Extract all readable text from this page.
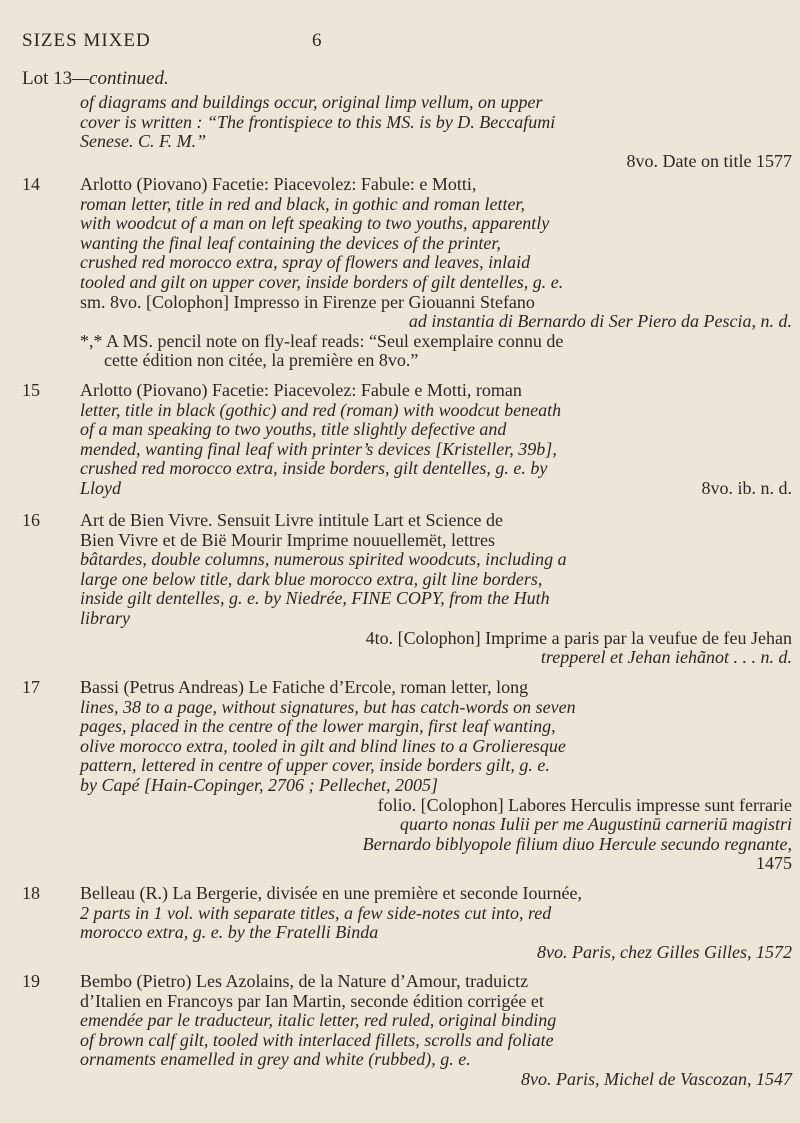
SIZES MIXED	6
Lot 13—continued.

of diagrams and buildings occur, original limp vellum, on upper

cover is written : “The frontispiece to this MS. is by D. Beccafumi

Senese. C. F. M.”

8vo. Date on title 1577

14	Arlotto (Piovano) Facetie: Piacevolez: Fabule: e Motti,

roman letter, title in red and black, in gothic and roman letter,

with woodcut of a man on left speaking to two youths, apparently

wanting the final leaf containing the devices of the printer,

crushed red morocco extra, spray of flowers and leaves, inlaid

tooled and gilt on upper cover, inside borders of gilt dentelles, g. e.

sm. 8vo. [Colophon] Impresso in Firenze per Giouanni Stefano

ad instantia di Bernardo di Ser Piero da Pescia, n. d.

*,* A MS. pencil note on fly-leaf reads: “Seul exemplaire connu de

cette édition non citée, la première en 8vo.”

15	Arlotto (Piovano) Facetie: Piacevolez: Fabule e Motti, roman

letter, title in black (gothic) and red (roman) with woodcut beneath

of a man speaking to two youths, title slightly defective and

mended, wanting final leaf with printer’s devices [Kristeller, 39b],

crushed red morocco extra, inside borders, gilt dentelles, g. e. by

Lloyd	8vo. ib. n. d.
16	Art de Bien Vivre. Sensuit Livre intitule Lart et Science de

Bien Vivre et de Bië Mourir Imprime nouuellemët, lettres

bâtardes, double columns, numerous spirited woodcuts, including a

large one below title, dark blue morocco extra, gilt line borders,

inside gilt dentelles, g. e. by Niedrée, FINE COPY, from the Huth

library

4to. [Colophon] Imprime a paris par la veufue de feu Jehan

trepperel et Jehan iehãnot . . . n. d.

17	Bassi (Petrus Andreas) Le Fatiche d’Ercole, roman letter, long

lines, 38 to a page, without signatures, but has catch-words on seven

pages, placed in the centre of the lower margin, first leaf wanting,

olive morocco extra, tooled in gilt and blind lines to a Grolieresque

pattern, lettered in centre of upper cover, inside borders gilt, g. e.

by Capé [Hain-Copinger, 2706 ; Pellechet, 2005]

folio. [Colophon] Labores Herculis impresse sunt ferrarie

quarto nonas Iulii per me Augustinū carneriū magistri

Bernardo biblyopole filium diuo Hercule secundo regnante,

1475

18	Belleau (R.) La Bergerie, divisée en une première et seconde Iournée,

2 parts in 1 vol. with separate titles, a few side-notes cut into, red

morocco extra, g. e. by the Fratelli Binda

8vo. Paris, chez Gilles Gilles, 1572

19	Bembo (Pietro) Les Azolains, de la Nature d’Amour, traduictz

d’Italien en Francoys par Ian Martin, seconde édition corrigée et

emendée par le traducteur, italic letter, red ruled, original binding

of brown calf gilt, tooled with interlaced fillets, scrolls and foliate

ornaments enamelled in grey and white (rubbed), g. e.

8vo. Paris, Michel de Vascozan, 1547
